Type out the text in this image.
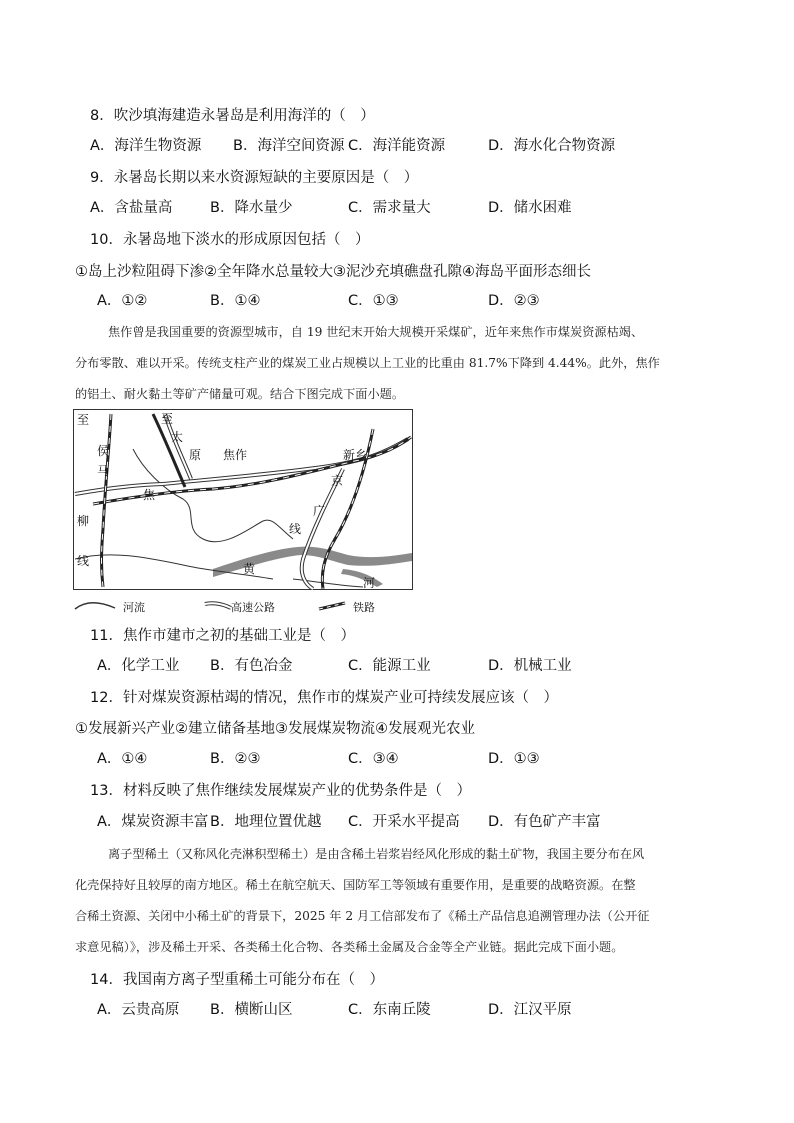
8．吹沙填海建造永暑岛是利用海洋的（　）
A．海洋生物资源 B．海洋空间资源 C．海洋能资源	D．海水化合物资源
9．永暑岛长期以来水资源短缺的主要原因是（　）
A．含盐量高	B．降水量少	C．需求量大	D．储水困难
10．永暑岛地下淡水的形成原因包括（　）
①岛上沙粒阻碍下渗②全年降水总量较大③泥沙充填礁盘孔隙④海岛平面形态细长
A．①②	B．①④	C．①③	D．②③
焦作曾是我国重要的资源型城市，自 19 世纪末开始大规模开采煤矿，近年来焦作市煤炭资源枯竭、
分布零散、难以开采。传统支柱产业的煤炭工业占规模以上工业的比重由 81.7%下降到 4.44%。此外，焦作
的铝土、耐火黏土等矿产储量可观。结合下图完成下面小题。
至
侯
马
柳
线
至
太
原 焦作
焦
新乡
京
广
线
黄
河
河流	高速公路	铁路
11．焦作市建市之初的基础工业是（　）
A．化学工业 B．有色冶金	C．能源工业	D．机械工业
12．针对煤炭资源枯竭的情况，焦作市的煤炭产业可持续发展应该（　）
①发展新兴产业②建立储备基地③发展煤炭物流④发展观光农业
A．①④	B．②③	C．③④	D．①③
13．材料反映了焦作继续发展煤炭产业的优势条件是（　）
A．煤炭资源丰富 B．地理位置优越 C．开采水平提高 D．有色矿产丰富
离子型稀土（又称风化壳淋积型稀土）是由含稀土岩浆岩经风化形成的黏土矿物，我国主要分布在风
化壳保持好且较厚的南方地区。稀土在航空航天、国防军工等领域有重要作用，是重要的战略资源。在整
合稀土资源、关闭中小稀土矿的背景下，2025 年 2 月工信部发布了《稀土产品信息追溯管理办法（公开征
求意见稿）》，涉及稀土开采、各类稀土化合物、各类稀土金属及合金等全产业链。据此完成下面小题。
14．我国南方离子型重稀土可能分布在（　）
A．云贵高原 B．横断山区	C．东南丘陵	D．江汉平原
